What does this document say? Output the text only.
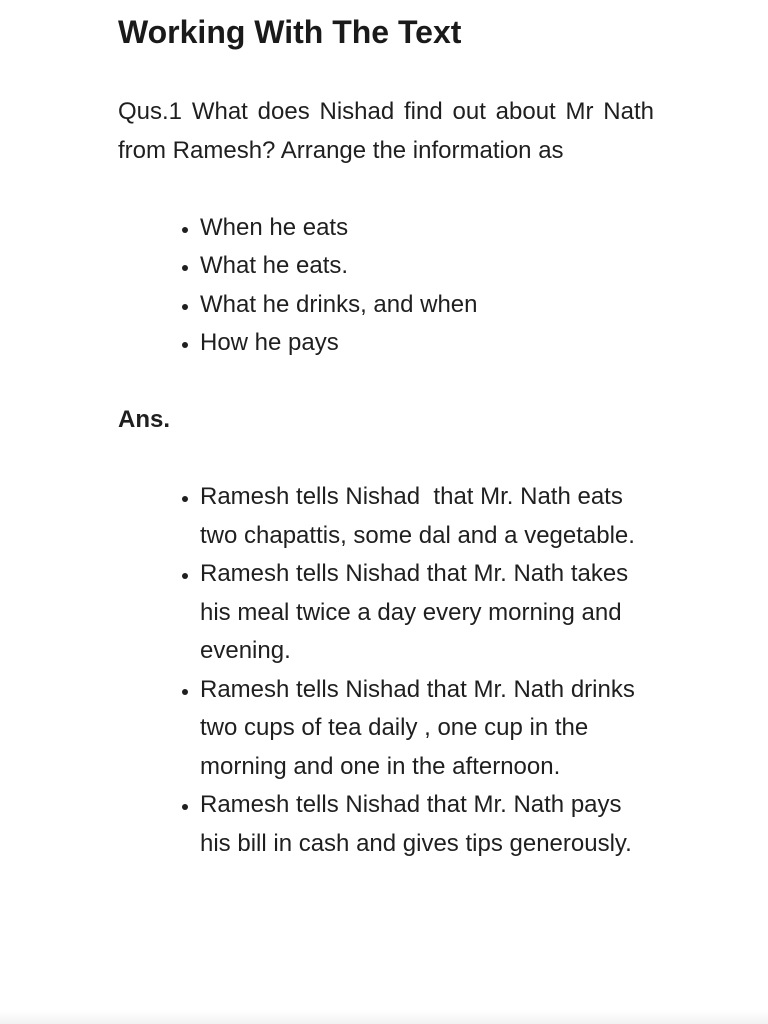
Working With The Text

Qus.1 What does Nishad find out about Mr Nath from Ramesh? Arrange the information as

• When he eats
• What he eats.
• What he drinks, and when
• How he pays

Ans.

• Ramesh tells Nishad  that Mr. Nath eats two chapattis, some dal and a vegetable.
• Ramesh tells Nishad that Mr. Nath takes his meal twice a day every morning and evening.
• Ramesh tells Nishad that Mr. Nath drinks two cups of tea daily , one cup in the morning and one in the afternoon.
• Ramesh tells Nishad that Mr. Nath pays his bill in cash and gives tips generously.
